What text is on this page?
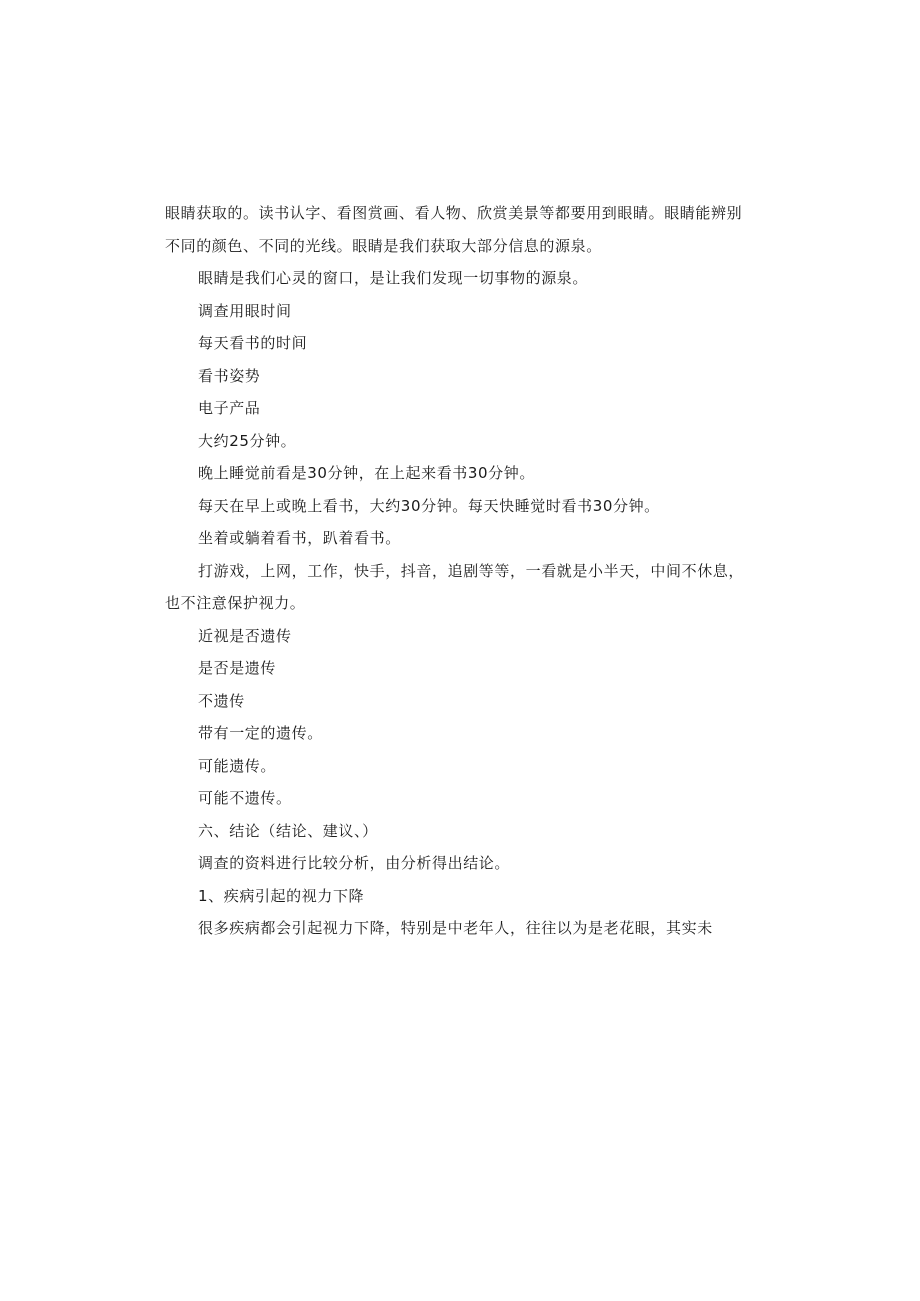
眼睛获取的。读书认字、看图赏画、看人物、欣赏美景等都要用到眼睛。眼睛能辨别

不同的颜色、不同的光线。眼睛是我们获取大部分信息的源泉。

眼睛是我们心灵的窗口，是让我们发现一切事物的源泉。

调查用眼时间

每天看书的时间

看书姿势

电子产品

大约25分钟。

晚上睡觉前看是30分钟，在上起来看书30分钟。

每天在早上或晚上看书，大约30分钟。每天快睡觉时看书30分钟。

坐着或躺着看书，趴着看书。

打游戏，上网，工作，快手，抖音，追剧等等，一看就是小半天，中间不休息，

也不注意保护视力。

近视是否遗传

是否是遗传

不遗传

带有一定的遗传。

可能遗传。

可能不遗传。

六、结论（结论、建议、）

调查的资料进行比较分析，由分析得出结论。

1、疾病引起的视力下降

很多疾病都会引起视力下降，特别是中老年人，往往以为是老花眼，其实未
